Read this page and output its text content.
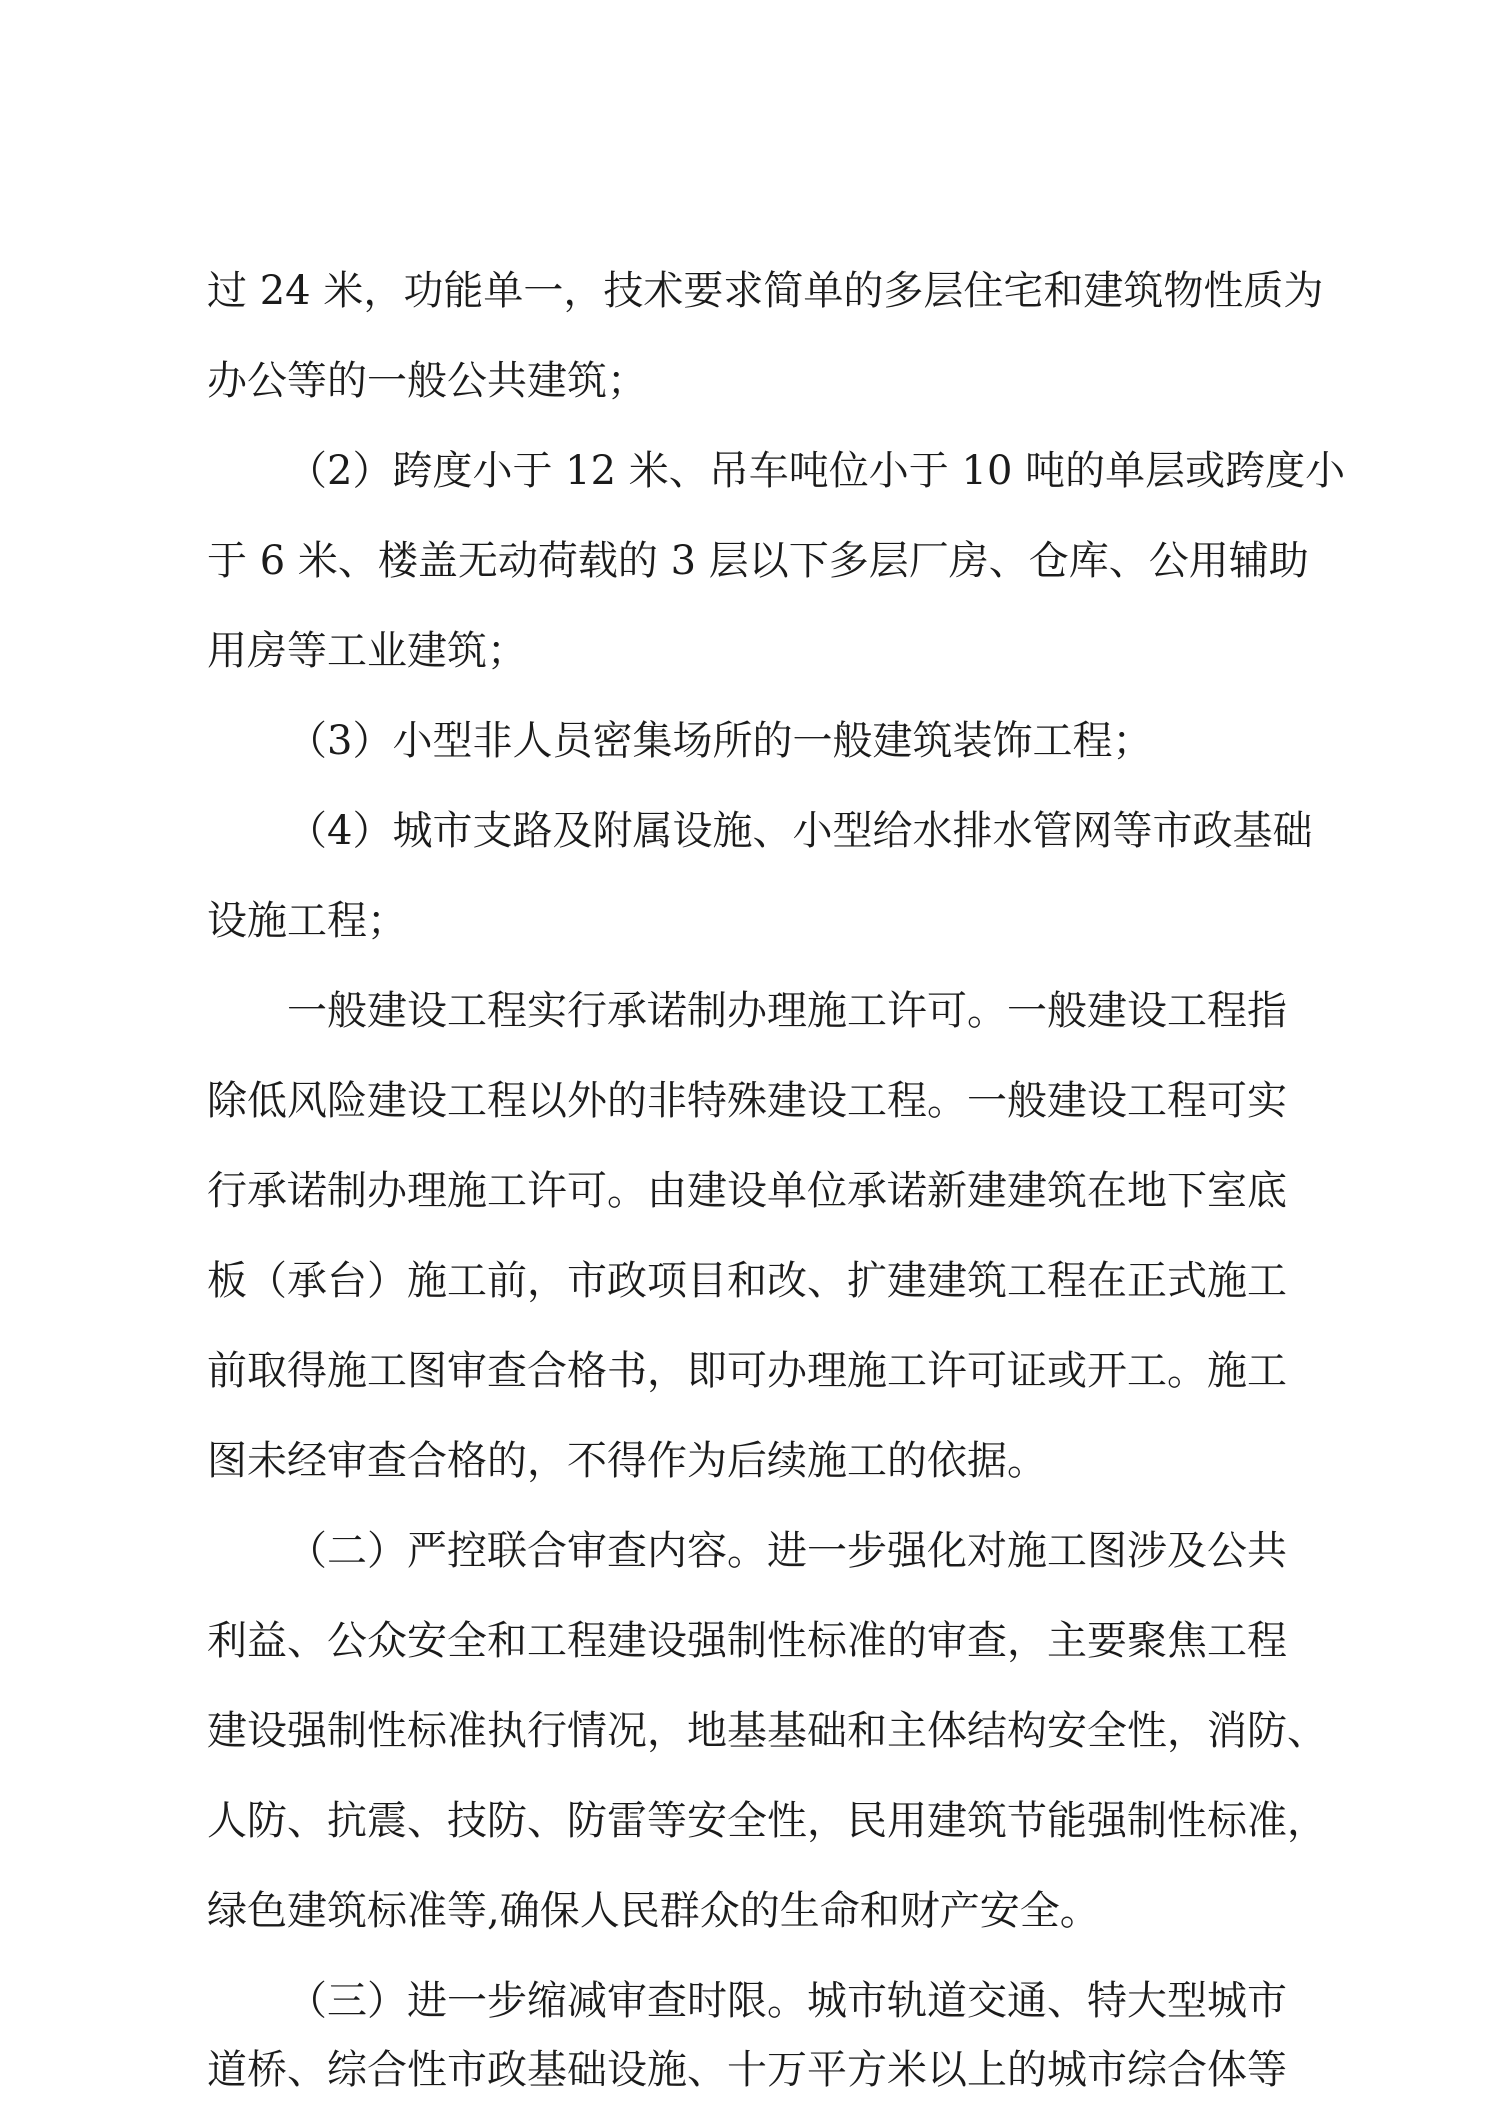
过 24 米，功能单一，技术要求简单的多层住宅和建筑物性质为
办公等的一般公共建筑；
（2）跨度小于 12 米、吊车吨位小于 10 吨的单层或跨度小
于 6 米、楼盖无动荷载的 3 层以下多层厂房、仓库、公用辅助
用房等工业建筑；
（3）小型非人员密集场所的一般建筑装饰工程；
（4）城市支路及附属设施、小型给水排水管网等市政基础
设施工程；
一般建设工程实行承诺制办理施工许可。一般建设工程指
除低风险建设工程以外的非特殊建设工程。一般建设工程可实
行承诺制办理施工许可。由建设单位承诺新建建筑在地下室底
板（承台）施工前，市政项目和改、扩建建筑工程在正式施工
前取得施工图审查合格书，即可办理施工许可证或开工。施工
图未经审查合格的，不得作为后续施工的依据。
（二）严控联合审查内容。进一步强化对施工图涉及公共
利益、公众安全和工程建设强制性标准的审查，主要聚焦工程
建设强制性标准执行情况，地基基础和主体结构安全性，消防、
人防、抗震、技防、防雷等安全性，民用建筑节能强制性标准，
绿色建筑标准等,确保人民群众的生命和财产安全。
（三）进一步缩减审查时限。城市轨道交通、特大型城市
道桥、综合性市政基础设施、十万平方米以上的城市综合体等
